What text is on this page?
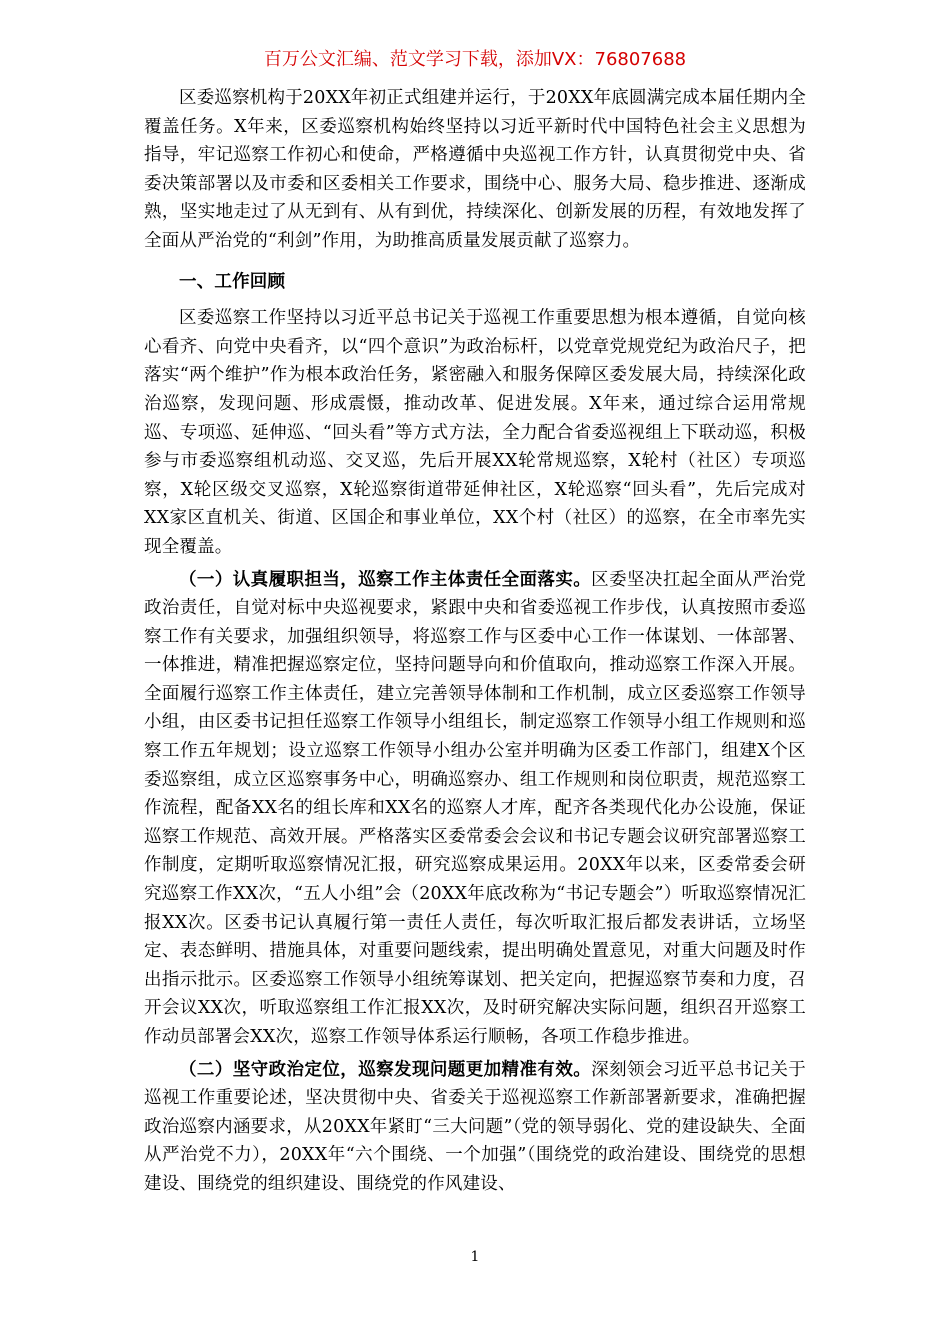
百万公文汇编、范文学习下载，添加VX：76807688

区委巡察机构于20XX年初正式组建并运行，于20XX年底圆满完成本届任期内全覆盖任务。X年来，区委巡察机构始终坚持以习近平新时代中国特色社会主义思想为指导，牢记巡察工作初心和使命，严格遵循中央巡视工作方针，认真贯彻党中央、省委决策部署以及市委和区委相关工作要求，围绕中心、服务大局、稳步推进、逐渐成熟，坚实地走过了从无到有、从有到优，持续深化、创新发展的历程，有效地发挥了全面从严治党的“利剑”作用，为助推高质量发展贡献了巡察力。

一、工作回顾

区委巡察工作坚持以习近平总书记关于巡视工作重要思想为根本遵循，自觉向核心看齐、向党中央看齐，以“四个意识”为政治标杆，以党章党规党纪为政治尺子，把落实“两个维护”作为根本政治任务，紧密融入和服务保障区委发展大局，持续深化政治巡察，发现问题、形成震慑，推动改革、促进发展。X年来，通过综合运用常规巡、专项巡、延伸巡、“回头看”等方式方法，全力配合省委巡视组上下联动巡，积极参与市委巡察组机动巡、交叉巡，先后开展XX轮常规巡察，X轮村（社区）专项巡察，X轮区级交叉巡察，X轮巡察街道带延伸社区，X轮巡察“回头看”，先后完成对XX家区直机关、街道、区国企和事业单位，XX个村（社区）的巡察，在全市率先实现全覆盖。

（一）认真履职担当，巡察工作主体责任全面落实。区委坚决扛起全面从严治党政治责任，自觉对标中央巡视要求，紧跟中央和省委巡视工作步伐，认真按照市委巡察工作有关要求，加强组织领导，将巡察工作与区委中心工作一体谋划、一体部署、一体推进，精准把握巡察定位，坚持问题导向和价值取向，推动巡察工作深入开展。全面履行巡察工作主体责任，建立完善领导体制和工作机制，成立区委巡察工作领导小组，由区委书记担任巡察工作领导小组组长，制定巡察工作领导小组工作规则和巡察工作五年规划；设立巡察工作领导小组办公室并明确为区委工作部门，组建X个区委巡察组，成立区巡察事务中心，明确巡察办、组工作规则和岗位职责，规范巡察工作流程，配备XX名的组长库和XX名的巡察人才库，配齐各类现代化办公设施，保证巡察工作规范、高效开展。严格落实区委常委会会议和书记专题会议研究部署巡察工作制度，定期听取巡察情况汇报，研究巡察成果运用。20XX年以来，区委常委会研究巡察工作XX次，“五人小组”会（20XX年底改称为“书记专题会”）听取巡察情况汇报XX次。区委书记认真履行第一责任人责任，每次听取汇报后都发表讲话，立场坚定、表态鲜明、措施具体，对重要问题线索，提出明确处置意见，对重大问题及时作出指示批示。区委巡察工作领导小组统筹谋划、把关定向，把握巡察节奏和力度，召开会议XX次，听取巡察组工作汇报XX次，及时研究解决实际问题，组织召开巡察工作动员部署会XX次，巡察工作领导体系运行顺畅，各项工作稳步推进。

（二）坚守政治定位，巡察发现问题更加精准有效。深刻领会习近平总书记关于巡视工作重要论述，坚决贯彻中央、省委关于巡视巡察工作新部署新要求，准确把握政治巡察内涵要求，从20XX年紧盯“三大问题”（党的领导弱化、党的建设缺失、全面从严治党不力），20XX年“六个围绕、一个加强”（围绕党的政治建设、围绕党的思想建设、围绕党的组织建设、围绕党的作风建设、

1
